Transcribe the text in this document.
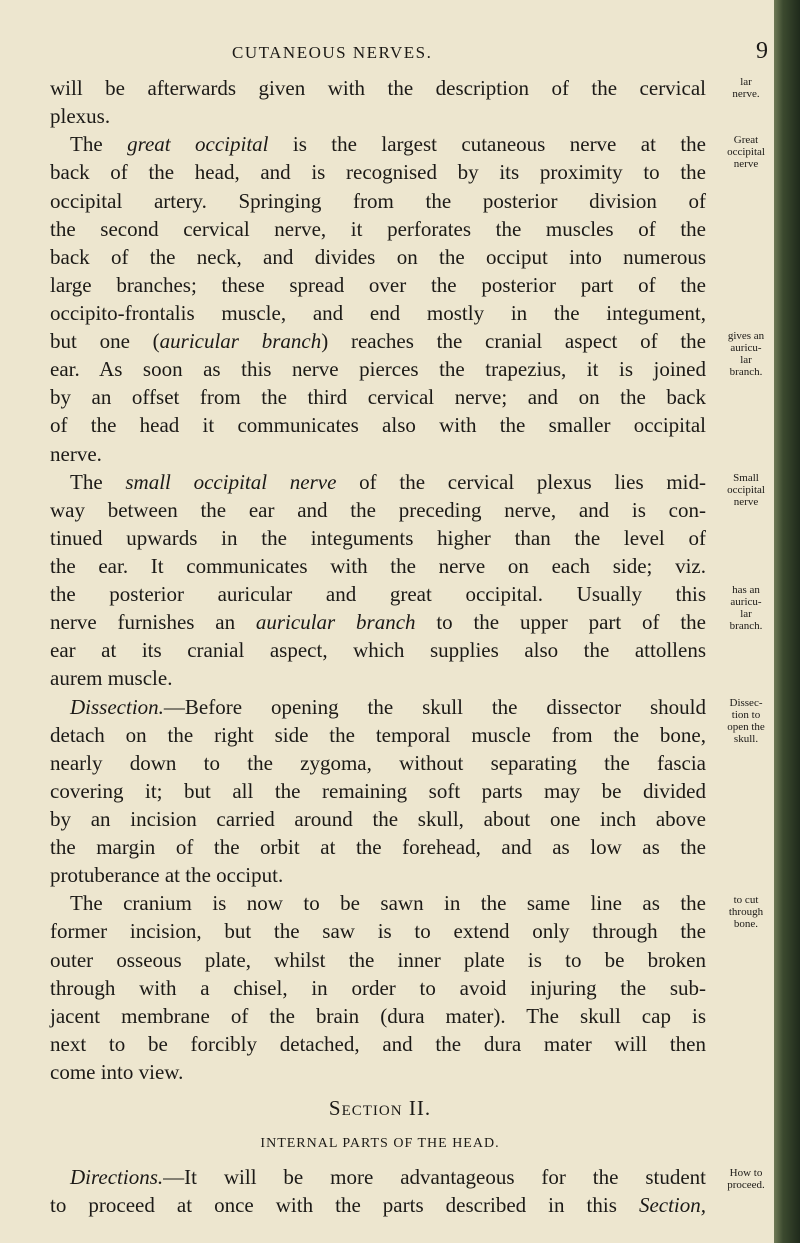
CUTANEOUS NERVES.	9
will be afterwards given with the description of the cervical
plexus.
The great occipital is the largest cutaneous nerve at the
back of the head, and is recognised by its proximity to the
occipital artery. Springing from the posterior division of
the second cervical nerve, it perforates the muscles of the
back of the neck, and divides on the occiput into numerous
large branches; these spread over the posterior part of the
occipito-frontalis muscle, and end mostly in the integument,
but one (auricular branch) reaches the cranial aspect of the
ear. As soon as this nerve pierces the trapezius, it is joined
by an offset from the third cervical nerve; and on the back
of the head it communicates also with the smaller occipital
nerve.
The small occipital nerve of the cervical plexus lies mid-
way between the ear and the preceding nerve, and is con-
tinued upwards in the integuments higher than the level of
the ear. It communicates with the nerve on each side; viz.
the posterior auricular and great occipital. Usually this
nerve furnishes an auricular branch to the upper part of the
ear at its cranial aspect, which supplies also the attollens
aurem muscle.
Dissection.—Before opening the skull the dissector should
detach on the right side the temporal muscle from the bone,
nearly down to the zygoma, without separating the fascia
covering it; but all the remaining soft parts may be divided
by an incision carried around the skull, about one inch above
the margin of the orbit at the forehead, and as low as the
protuberance at the occiput.
The cranium is now to be sawn in the same line as the
former incision, but the saw is to extend only through the
outer osseous plate, whilst the inner plate is to be broken
through with a chisel, in order to avoid injuring the sub-
jacent membrane of the brain (dura mater). The skull cap is
next to be forcibly detached, and the dura mater will then
come into view.
Section II.
INTERNAL PARTS OF THE HEAD.
Directions.—It will be more advantageous for the student
to proceed at once with the parts described in this Section,
lar
nerve.
Great
occipital
nerve
gives an
auricu-
lar
branch.
Small
occipital
nerve
has an
auricu-
lar
branch.
Dissec-
tion to
open the
skull.
to cut
through
bone.
How to
proceed.
